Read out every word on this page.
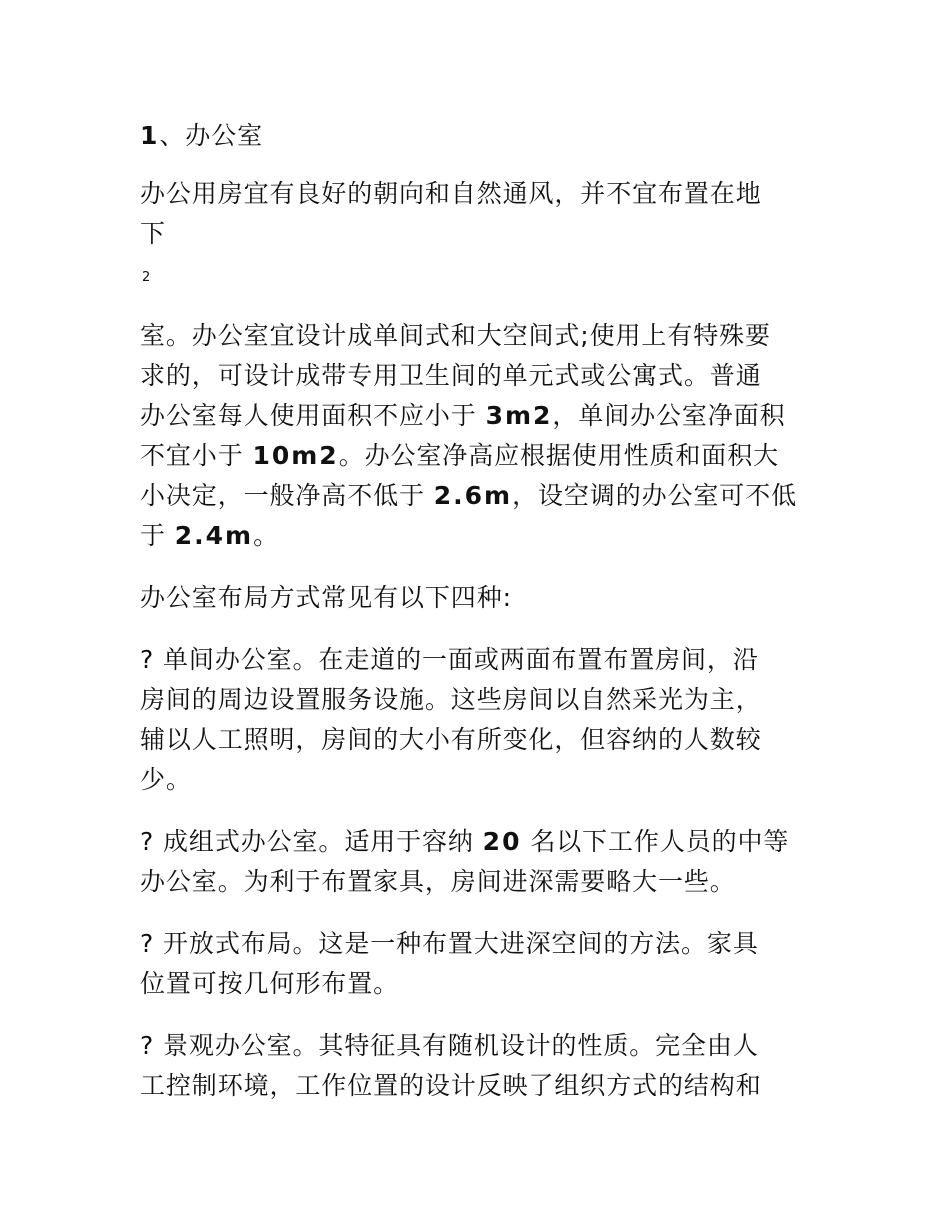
1、办公室
办公用房宜有良好的朝向和自然通风，并不宜布置在地
下
2
室。办公室宜设计成单间式和大空间式;使用上有特殊要
求的，可设计成带专用卫生间的单元式或公寓式。普通
办公室每人使用面积不应小于 3m2，单间办公室净面积
不宜小于 10m2。办公室净高应根据使用性质和面积大
小决定，一般净高不低于 2.6m，设空调的办公室可不低
于 2.4m。
办公室布局方式常见有以下四种:
? 单间办公室。在走道的一面或两面布置布置房间，沿
房间的周边设置服务设施。这些房间以自然采光为主，
辅以人工照明，房间的大小有所变化，但容纳的人数较
少。
? 成组式办公室。适用于容纳 20 名以下工作人员的中等
办公室。为利于布置家具，房间进深需要略大一些。
? 开放式布局。这是一种布置大进深空间的方法。家具
位置可按几何形布置。
? 景观办公室。其特征具有随机设计的性质。完全由人
工控制环境，工作位置的设计反映了组织方式的结构和
